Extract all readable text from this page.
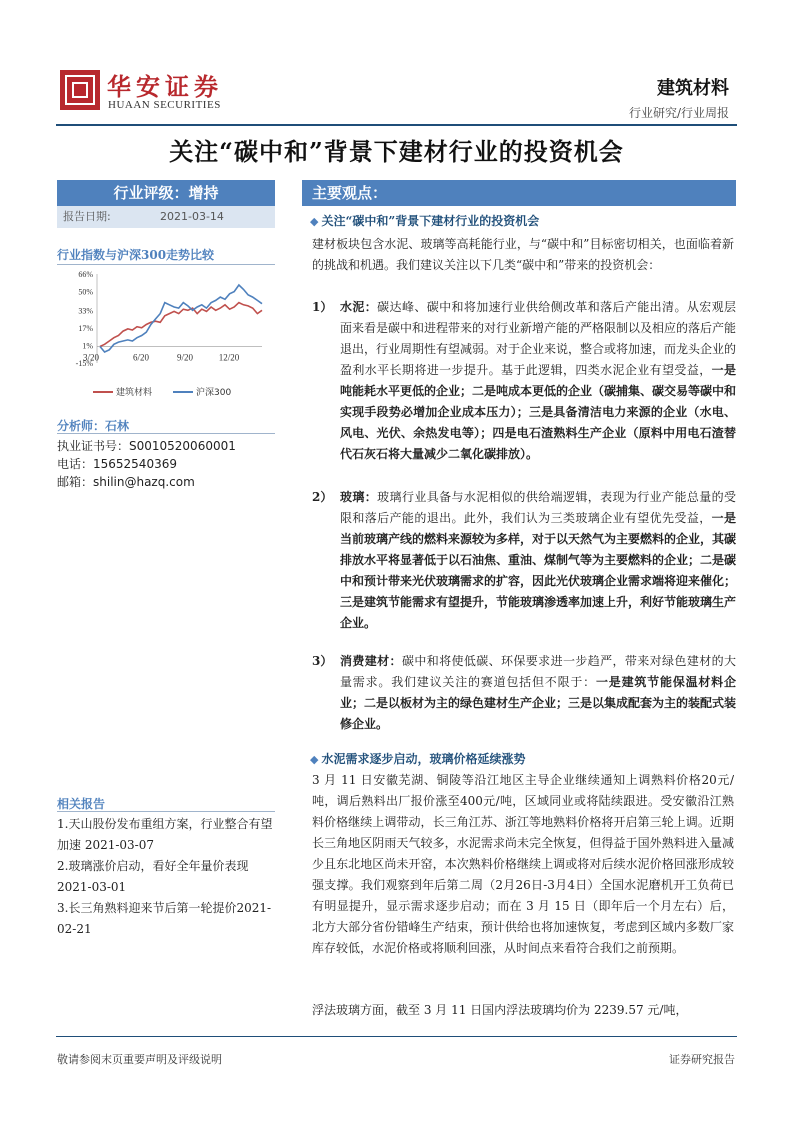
华安证券
HUAAN SECURITIES
建筑材料
行业研究/行业周报
关注“碳中和”背景下建材行业的投资机会
行业评级：增持
报告日期:	2021-03-14
行业指数与沪深300走势比较
66%
50%
33%
17%
1%
-15%
3/20	6/20	9/20	12/20
建筑材料	沪深300
分析师：石林
执业证书号：S0010520060001
电话：15652540369
邮箱：shilin@hazq.com
相关报告
1.天山股份发布重组方案，行业整合有望加速 2021-03-07
2.玻璃涨价启动，看好全年量价表现2021-03-01
3.长三角熟料迎来节后第一轮提价2021-02-21
主要观点：
◆ 关注“碳中和”背景下建材行业的投资机会
建材板块包含水泥、玻璃等高耗能行业，与“碳中和”目标密切相关，也面临着新的挑战和机遇。我们建议关注以下几类“碳中和”带来的投资机会：
1） 水泥：碳达峰、碳中和将加速行业供给侧改革和落后产能出清。从宏观层面来看是碳中和进程带来的对行业新增产能的严格限制以及相应的落后产能退出，行业周期性有望减弱。对于企业来说，整合或将加速，而龙头企业的盈利水平长期将进一步提升。基于此逻辑，四类水泥企业有望受益，一是吨能耗水平更低的企业；二是吨成本更低的企业（碳捕集、碳交易等碳中和实现手段势必增加企业成本压力）；三是具备清洁电力来源的企业（水电、风电、光伏、余热发电等）；四是电石渣熟料生产企业（原料中用电石渣替代石灰石将大量减少二氧化碳排放）。
2） 玻璃：玻璃行业具备与水泥相似的供给端逻辑，表现为行业产能总量的受限和落后产能的退出。此外，我们认为三类玻璃企业有望优先受益，一是当前玻璃产线的燃料来源较为多样，对于以天然气为主要燃料的企业，其碳排放水平将显著低于以石油焦、重油、煤制气等为主要燃料的企业；二是碳中和预计带来光伏玻璃需求的扩容，因此光伏玻璃企业需求端将迎来催化；三是建筑节能需求有望提升，节能玻璃渗透率加速上升，利好节能玻璃生产企业。
3） 消费建材：碳中和将使低碳、环保要求进一步趋严，带来对绿色建材的大量需求。我们建议关注的赛道包括但不限于：一是建筑节能保温材料企业；二是以板材为主的绿色建材生产企业；三是以集成配套为主的装配式装修企业。
◆ 水泥需求逐步启动，玻璃价格延续涨势
3 月 11 日安徽芜湖、铜陵等沿江地区主导企业继续通知上调熟料价格20元/吨，调后熟料出厂报价涨至400元/吨，区域同业或将陆续跟进。受安徽沿江熟料价格继续上调带动，长三角江苏、浙江等地熟料价格将开启第三轮上调。近期长三角地区阴雨天气较多，水泥需求尚未完全恢复，但得益于国外熟料进入量减少且东北地区尚未开窑，本次熟料价格继续上调或将对后续水泥价格回涨形成较强支撑。我们观察到年后第二周（2月26日-3月4日）全国水泥磨机开工负荷已有明显提升，显示需求逐步启动；而在 3 月 15 日（即年后一个月左右）后，北方大部分省份错峰生产结束，预计供给也将加速恢复，考虑到区域内多数厂家库存较低，水泥价格或将顺利回涨，从时间点来看符合我们之前预期。
浮法玻璃方面，截至 3 月 11 日国内浮法玻璃均价为 2239.57 元/吨，
敬请参阅末页重要声明及评级说明	证券研究报告
